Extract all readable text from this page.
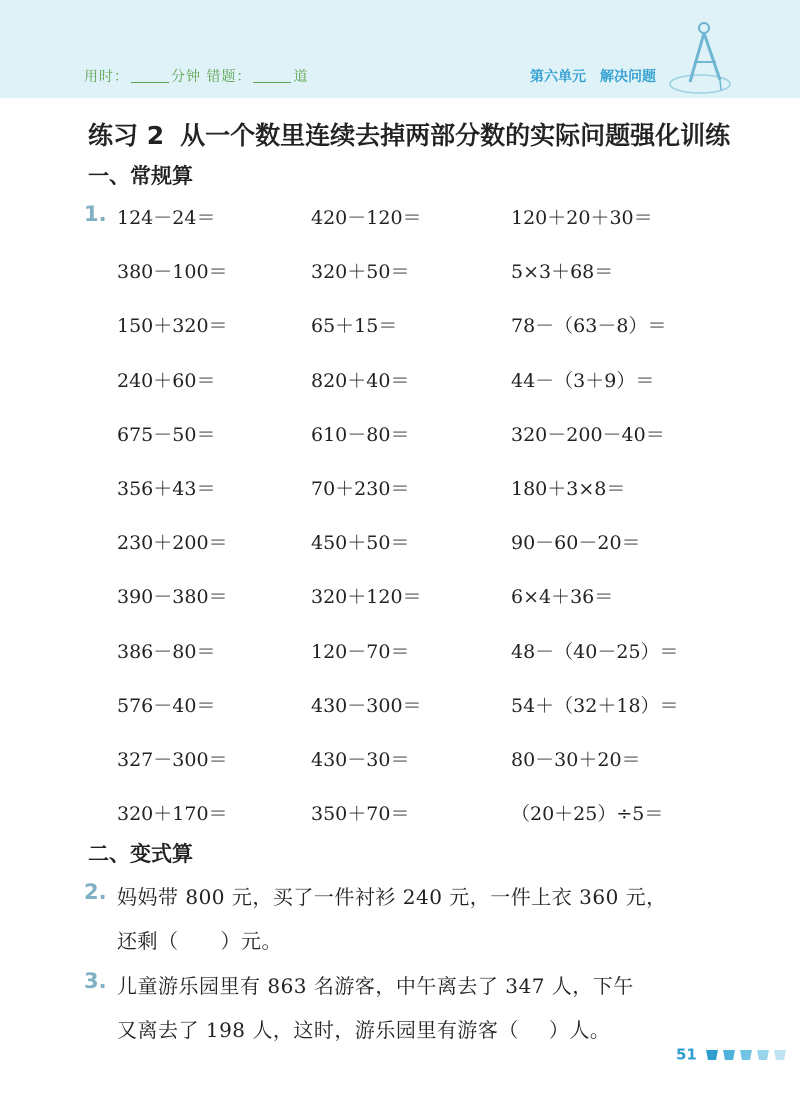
用时：	分钟 错题：	道	第六单元　解决问题
练习 2 从一个数里连续去掉两部分数的实际问题强化训练
一、常规算
1. 124－24＝	420－120＝	120＋20＋30＝
380－100＝	320＋50＝	5×3＋68＝
150＋320＝	65＋15＝	78－（63－8）＝
240＋60＝	820＋40＝	44－（3＋9）＝
675－50＝	610－80＝	320－200－40＝
356＋43＝	70＋230＝	180＋3×8＝
230＋200＝	450＋50＝	90－60－20＝
390－380＝	320＋120＝	6×4＋36＝
386－80＝	120－70＝	48－（40－25）＝
576－40＝	430－300＝	54＋（32＋18）＝
327－300＝	430－30＝	80－30＋20＝
320＋170＝	350＋70＝	（20＋25）÷5＝
二、变式算
2. 妈妈带 800 元，买了一件衬衫 240 元，一件上衣 360 元，
还剩（ ）元。
3. 儿童游乐园里有 863 名游客，中午离去了 347 人，下午
又离去了 198 人，这时，游乐园里有游客（ ）人。
51
